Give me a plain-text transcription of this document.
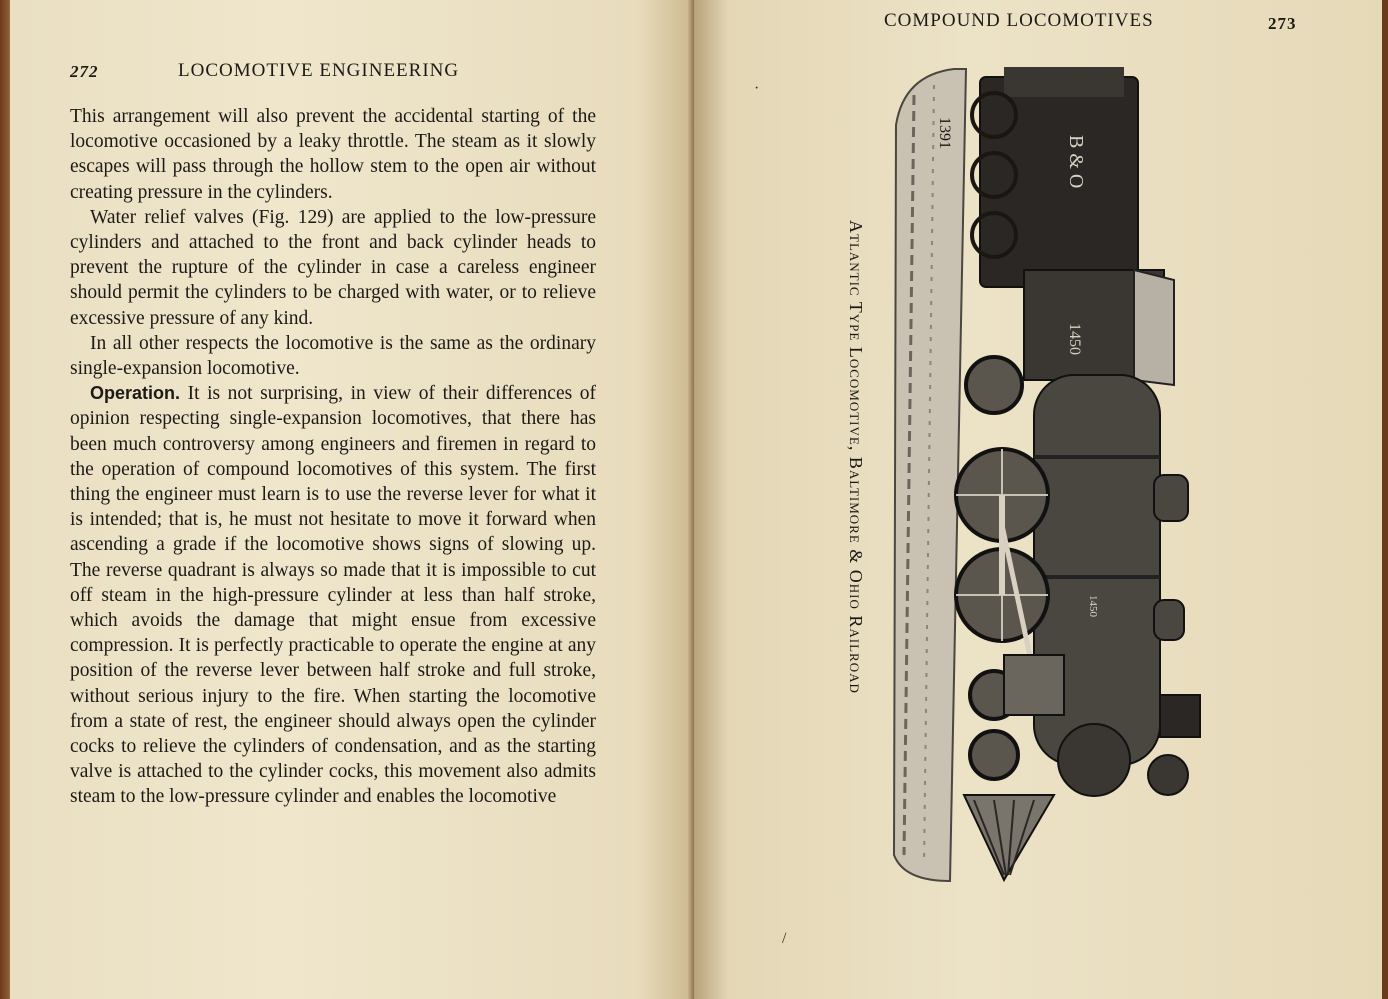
272	LOCOMOTIVE ENGINEERING

This arrangement will also prevent the accidental starting of the locomotive occasioned by a leaky throttle. The steam as it slowly escapes will pass through the hollow stem to the open air without creating pressure in the cylinders.

Water relief valves (Fig. 129) are applied to the low-pressure cylinders and attached to the front and back cylinder heads to prevent the rupture of the cylinder in case a careless engineer should permit the cylinders to be charged with water, or to relieve excessive pressure of any kind.

In all other respects the locomotive is the same as the ordinary single-expansion locomotive.

Operation. It is not surprising, in view of their differences of opinion respecting single-expansion locomotives, that there has been much controversy among engineers and firemen in regard to the operation of compound locomotives of this system. The first thing the engineer must learn is to use the reverse lever for what it is intended; that is, he must not hesitate to move it forward when ascending a grade if the locomotive shows signs of slowing up. The reverse quadrant is always so made that it is impossible to cut off steam in the high-pressure cylinder at less than half stroke, which avoids the damage that might ensue from excessive compression. It is perfectly practicable to operate the engine at any position of the reverse lever between half stroke and full stroke, without serious injury to the fire. When starting the locomotive from a state of rest, the engineer should always open the cylinder cocks to relieve the cylinders of condensation, and as the starting valve is attached to the cylinder cocks, this movement also admits steam to the low-pressure cylinder and enables the locomotive

COMPOUND LOCOMOTIVES	273
Atlantic Type Locomotive, Baltimore & Ohio Railroad
1391
B & O
1450
1450
·
/
